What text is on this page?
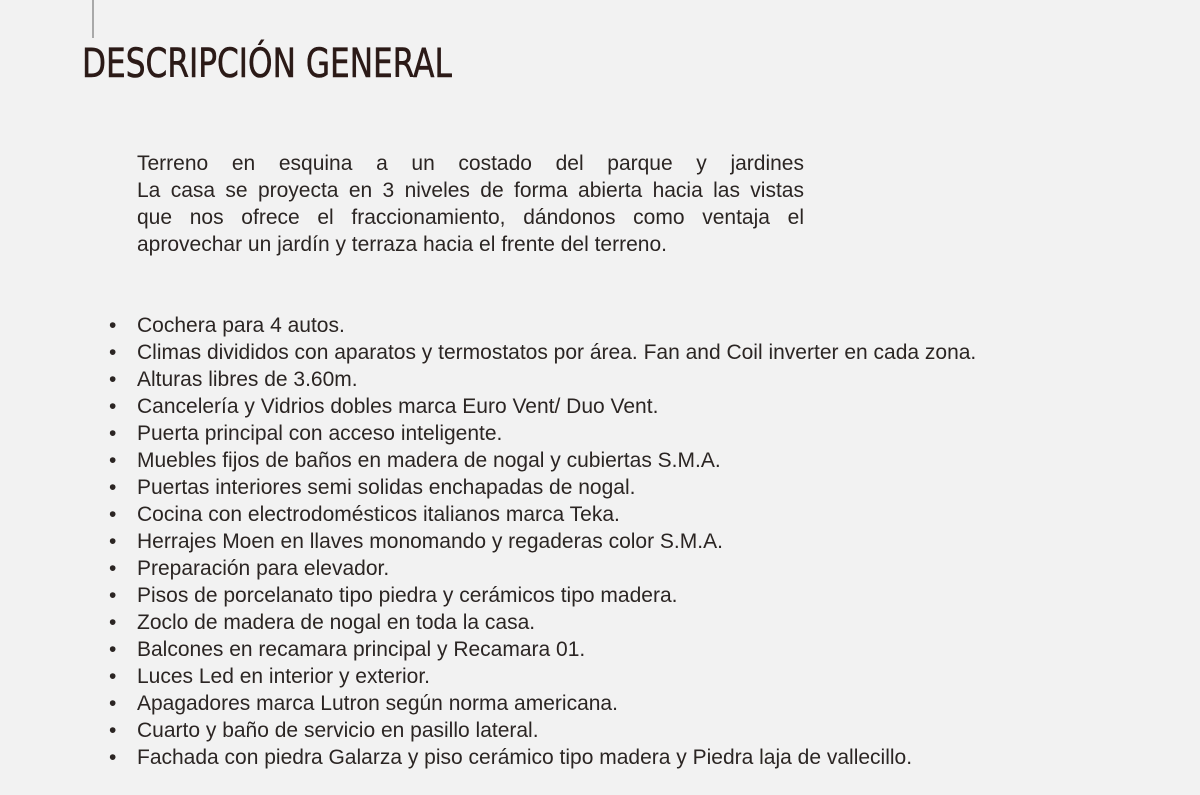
DESCRIPCIÓN GENERAL

Terreno en esquina a un costado del parque y jardines
La casa se proyecta en 3 niveles de forma abierta hacia las vistas
que nos ofrece el fraccionamiento, dándonos como ventaja el
aprovechar un jardín y terraza hacia el frente del terreno.

• Cochera para 4 autos.
• Climas divididos con aparatos y termostatos por área. Fan and Coil inverter en cada zona.
• Alturas libres de 3.60m.
• Cancelería y Vidrios dobles marca Euro Vent/ Duo Vent.
• Puerta principal con acceso inteligente.
• Muebles fijos de baños en madera de nogal y cubiertas S.M.A.
• Puertas interiores semi solidas enchapadas de nogal.
• Cocina con electrodomésticos italianos marca Teka.
• Herrajes Moen en llaves monomando y regaderas color S.M.A.
• Preparación para elevador.
• Pisos de porcelanato tipo piedra y cerámicos tipo madera.
• Zoclo de madera de nogal en toda la casa.
• Balcones en recamara principal y Recamara 01.
• Luces Led en interior y exterior.
• Apagadores marca Lutron según norma americana.
• Cuarto y baño de servicio en pasillo lateral.
• Fachada con piedra Galarza y piso cerámico tipo madera y Piedra laja de vallecillo.
